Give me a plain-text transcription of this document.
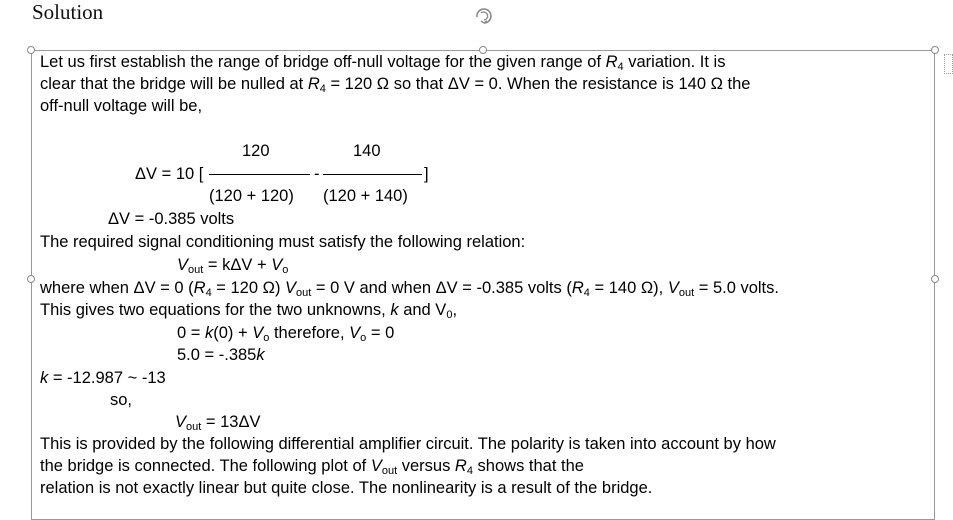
Solution
Let us first establish the range of bridge off-null voltage for the given range of $R_4$ variation. It is
clear that the bridge will be nulled at $R_4 = 120$ Ω so that ΔV = 0. When the resistance is 140 Ω the
off-null voltage will be,
120	140
ΔV = 10 [	-	]
(120 + 120) (120 + 140)
ΔV = -0.385 volts
The required signal conditioning must satisfy the following relation:
$V_{out} = k\Delta V + V_o$
where when ΔV = 0 ($R_4 = 120$ Ω) $V_{out} = 0$ V and when ΔV = -0.385 volts ($R_4 = 140$ Ω), $V_{out} = 5.0$ volts.
This gives two equations for the two unknowns, k and $V_0$,
$0 = k(0) + V_o$ therefore, $V_o = 0$
5.0 = -.385k
k = -12.987 ~ -13
so,
$V_{out} = 13\Delta V$
This is provided by the following differential amplifier circuit. The polarity is taken into account by how
the bridge is connected. The following plot of $V_{out}$ versus $R_4$ shows that the
relation is not exactly linear but quite close. The nonlinearity is a result of the bridge.
